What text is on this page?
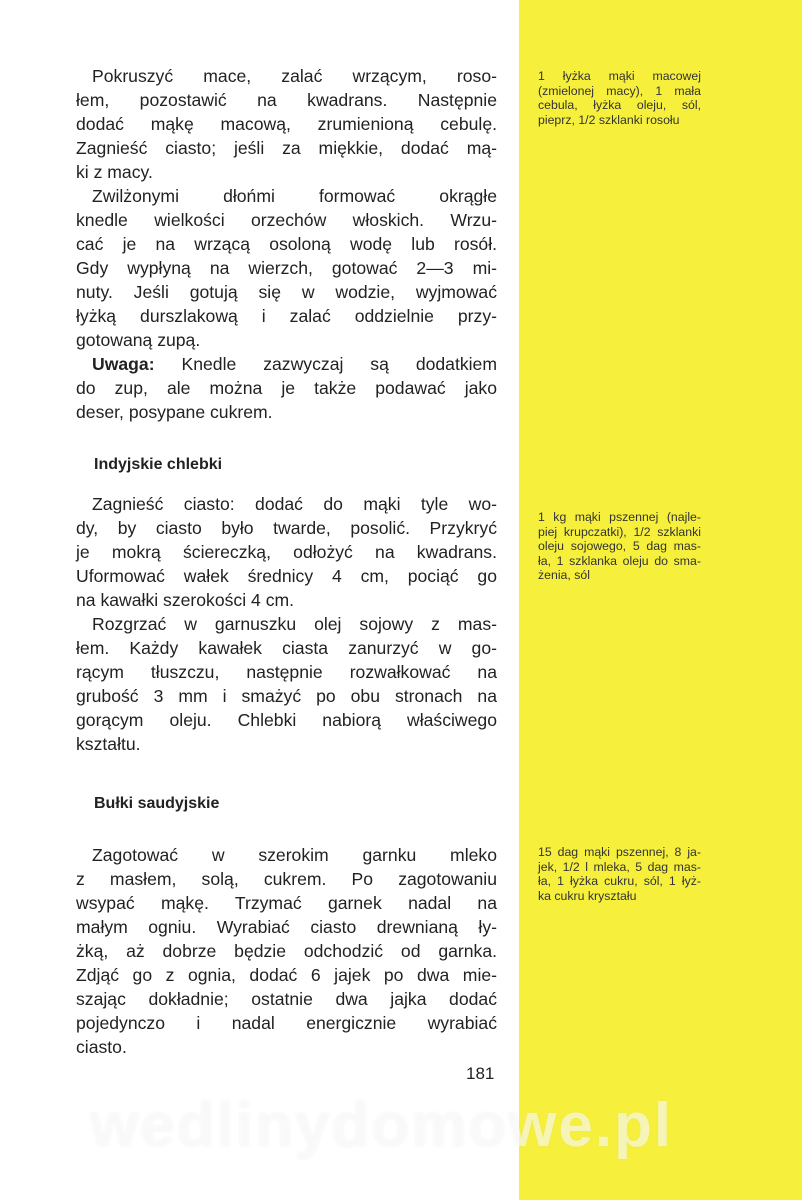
Pokruszyć mace, zalać wrzącym, roso-
łem, pozostawić na kwadrans. Następnie
dodać mąkę macową, zrumienioną cebulę.
Zagnieść ciasto; jeśli za miękkie, dodać mą-
ki z macy.
Zwilżonymi dłońmi formować okrągłe
knedle wielkości orzechów włoskich. Wrzu-
cać je na wrzącą osoloną wodę lub rosół.
Gdy wypłyną na wierzch, gotować 2—3 mi-
nuty. Jeśli gotują się w wodzie, wyjmować
łyżką durszlakową i zalać oddzielnie przy-
gotowaną zupą.
Uwaga: Knedle zazwyczaj są dodatkiem
do zup, ale można je także podawać jako
deser, posypane cukrem.
Indyjskie chlebki
Zagnieść ciasto: dodać do mąki tyle wo-
dy, by ciasto było twarde, posolić. Przykryć
je mokrą ściereczką, odłożyć na kwadrans.
Uformować wałek średnicy 4 cm, pociąć go
na kawałki szerokości 4 cm.
Rozgrzać w garnuszku olej sojowy z mas-
łem. Każdy kawałek ciasta zanurzyć w go-
rącym tłuszczu, następnie rozwałkować na
grubość 3 mm i smażyć po obu stronach na
gorącym oleju. Chlebki nabiorą właściwego
kształtu.
Bułki saudyjskie
Zagotować w szerokim garnku mleko
z masłem, solą, cukrem. Po zagotowaniu
wsypać mąkę. Trzymać garnek nadal na
małym ogniu. Wyrabiać ciasto drewnianą ły-
żką, aż dobrze będzie odchodzić od garnka.
Zdjąć go z ognia, dodać 6 jajek po dwa mie-
szając dokładnie; ostatnie dwa jajka dodać
pojedynczo i nadal energicznie wyrabiać
ciasto.
1 łyżka mąki macowej
(zmielonej macy), 1 mała
cebula, łyżka oleju, sól,
pieprz, 1/2 szklanki rosołu
1 kg mąki pszennej (najle-
piej krupczatki), 1/2 szklanki
oleju sojowego, 5 dag mas-
ła, 1 szklanka oleju do sma-
żenia, sól
15 dag mąki pszennej, 8 ja-
jek, 1/2 l mleka, 5 dag mas-
ła, 1 łyżka cukru, sól, 1 łyż-
ka cukru kryształu
181
wedlinydomowe.pl
